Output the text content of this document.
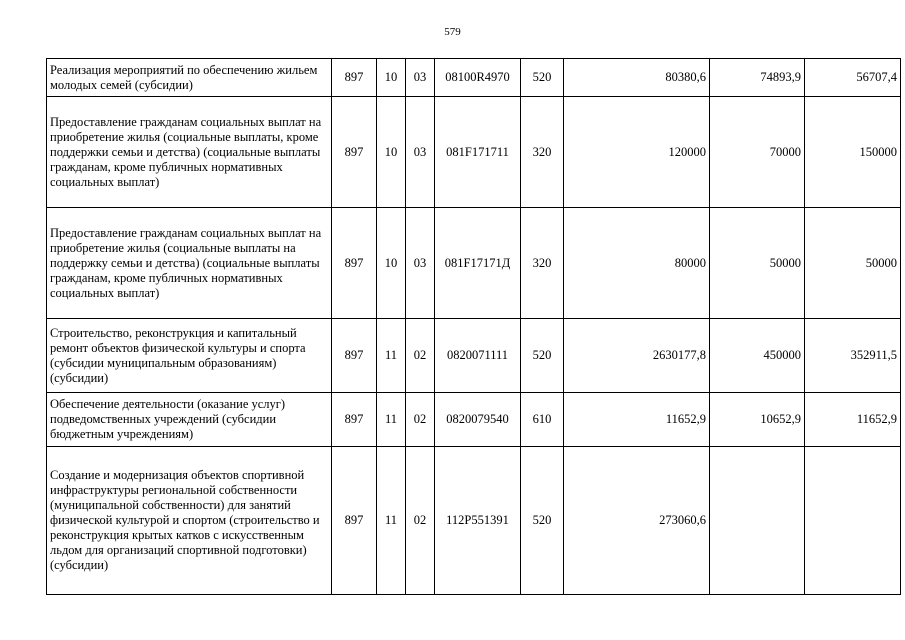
579
Реализация мероприятий по обеспечению жильем молодых семей (субсидии)	897	10	03	08100R4970	520	80380,6	74893,9	56707,4
Предоставление гражданам социальных выплат на приобретение жилья (социальные выплаты, кроме поддержки семьи и детства) (социальные выплаты гражданам, кроме публичных нормативных социальных выплат)	897	10	03	081F171711	320	120000	70000	150000
Предоставление гражданам социальных выплат на приобретение жилья (социальные выплаты на поддержку семьи и детства) (социальные выплаты гражданам, кроме публичных нормативных социальных выплат)	897	10	03	081F17171Д	320	80000	50000	50000
Строительство, реконструкция и капитальный ремонт объектов физической культуры и спорта (субсидии муниципальным образованиям) (субсидии)	897	11	02	0820071111	520	2630177,8	450000	352911,5
Обеспечение деятельности (оказание услуг) подведомственных учреждений (субсидии бюджетным учреждениям)	897	11	02	0820079540	610	11652,9	10652,9	11652,9
Создание и модернизация объектов спортивной инфраструктуры региональной собственности (муниципальной собственности) для занятий физической культурой и спортом (строительство и реконструкция крытых катков с искусственным льдом для организаций спортивной подготовки) (субсидии)	897	11	02	112P551391	520	273060,6		
